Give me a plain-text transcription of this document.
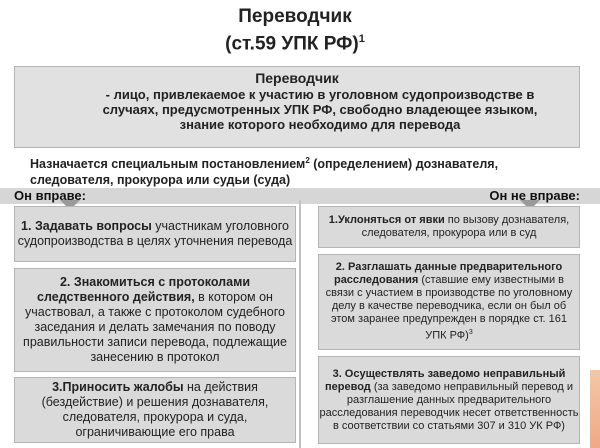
Переводчик
(ст.59 УПК РФ)$^1$
Переводчик
- лицо, привлекаемое к участию в уголовном судопроизводстве в случаях, предусмотренных УПК РФ, свободно владеющее языком, знание которого необходимо для перевода
Назначается специальным постановлением$^2$ (определением) дознавателя, следователя, прокурора или судьи (суда)
Он вправе:	Он не вправе:
1. Задавать вопросы участникам уголовного судопроизводства в целях уточнения перевода
2. Знакомиться с протоколами следственного действия, в котором он участвовал, а также с протоколом судебного заседания и делать замечания по поводу правильности записи перевода, подлежащие занесению в протокол
3.Приносить жалобы на действия (бездействие) и решения дознавателя, следователя, прокурора и суда, ограничивающие его права
1.Уклоняться от явки по вызову дознавателя, следователя, прокурора или в суд
2. Разглашать данные предварительного расследования (ставшие ему известными в связи с участием в производстве по уголовному делу в качестве переводчика, если он был об этом заранее предупрежден в порядке ст. 161 УПК РФ)$^3$
3. Осуществлять заведомо неправильный перевод (за заведомо неправильный перевод и разглашение данных предварительного расследования переводчик несет ответственность в соответствии со статьями 307 и 310 УК РФ)
